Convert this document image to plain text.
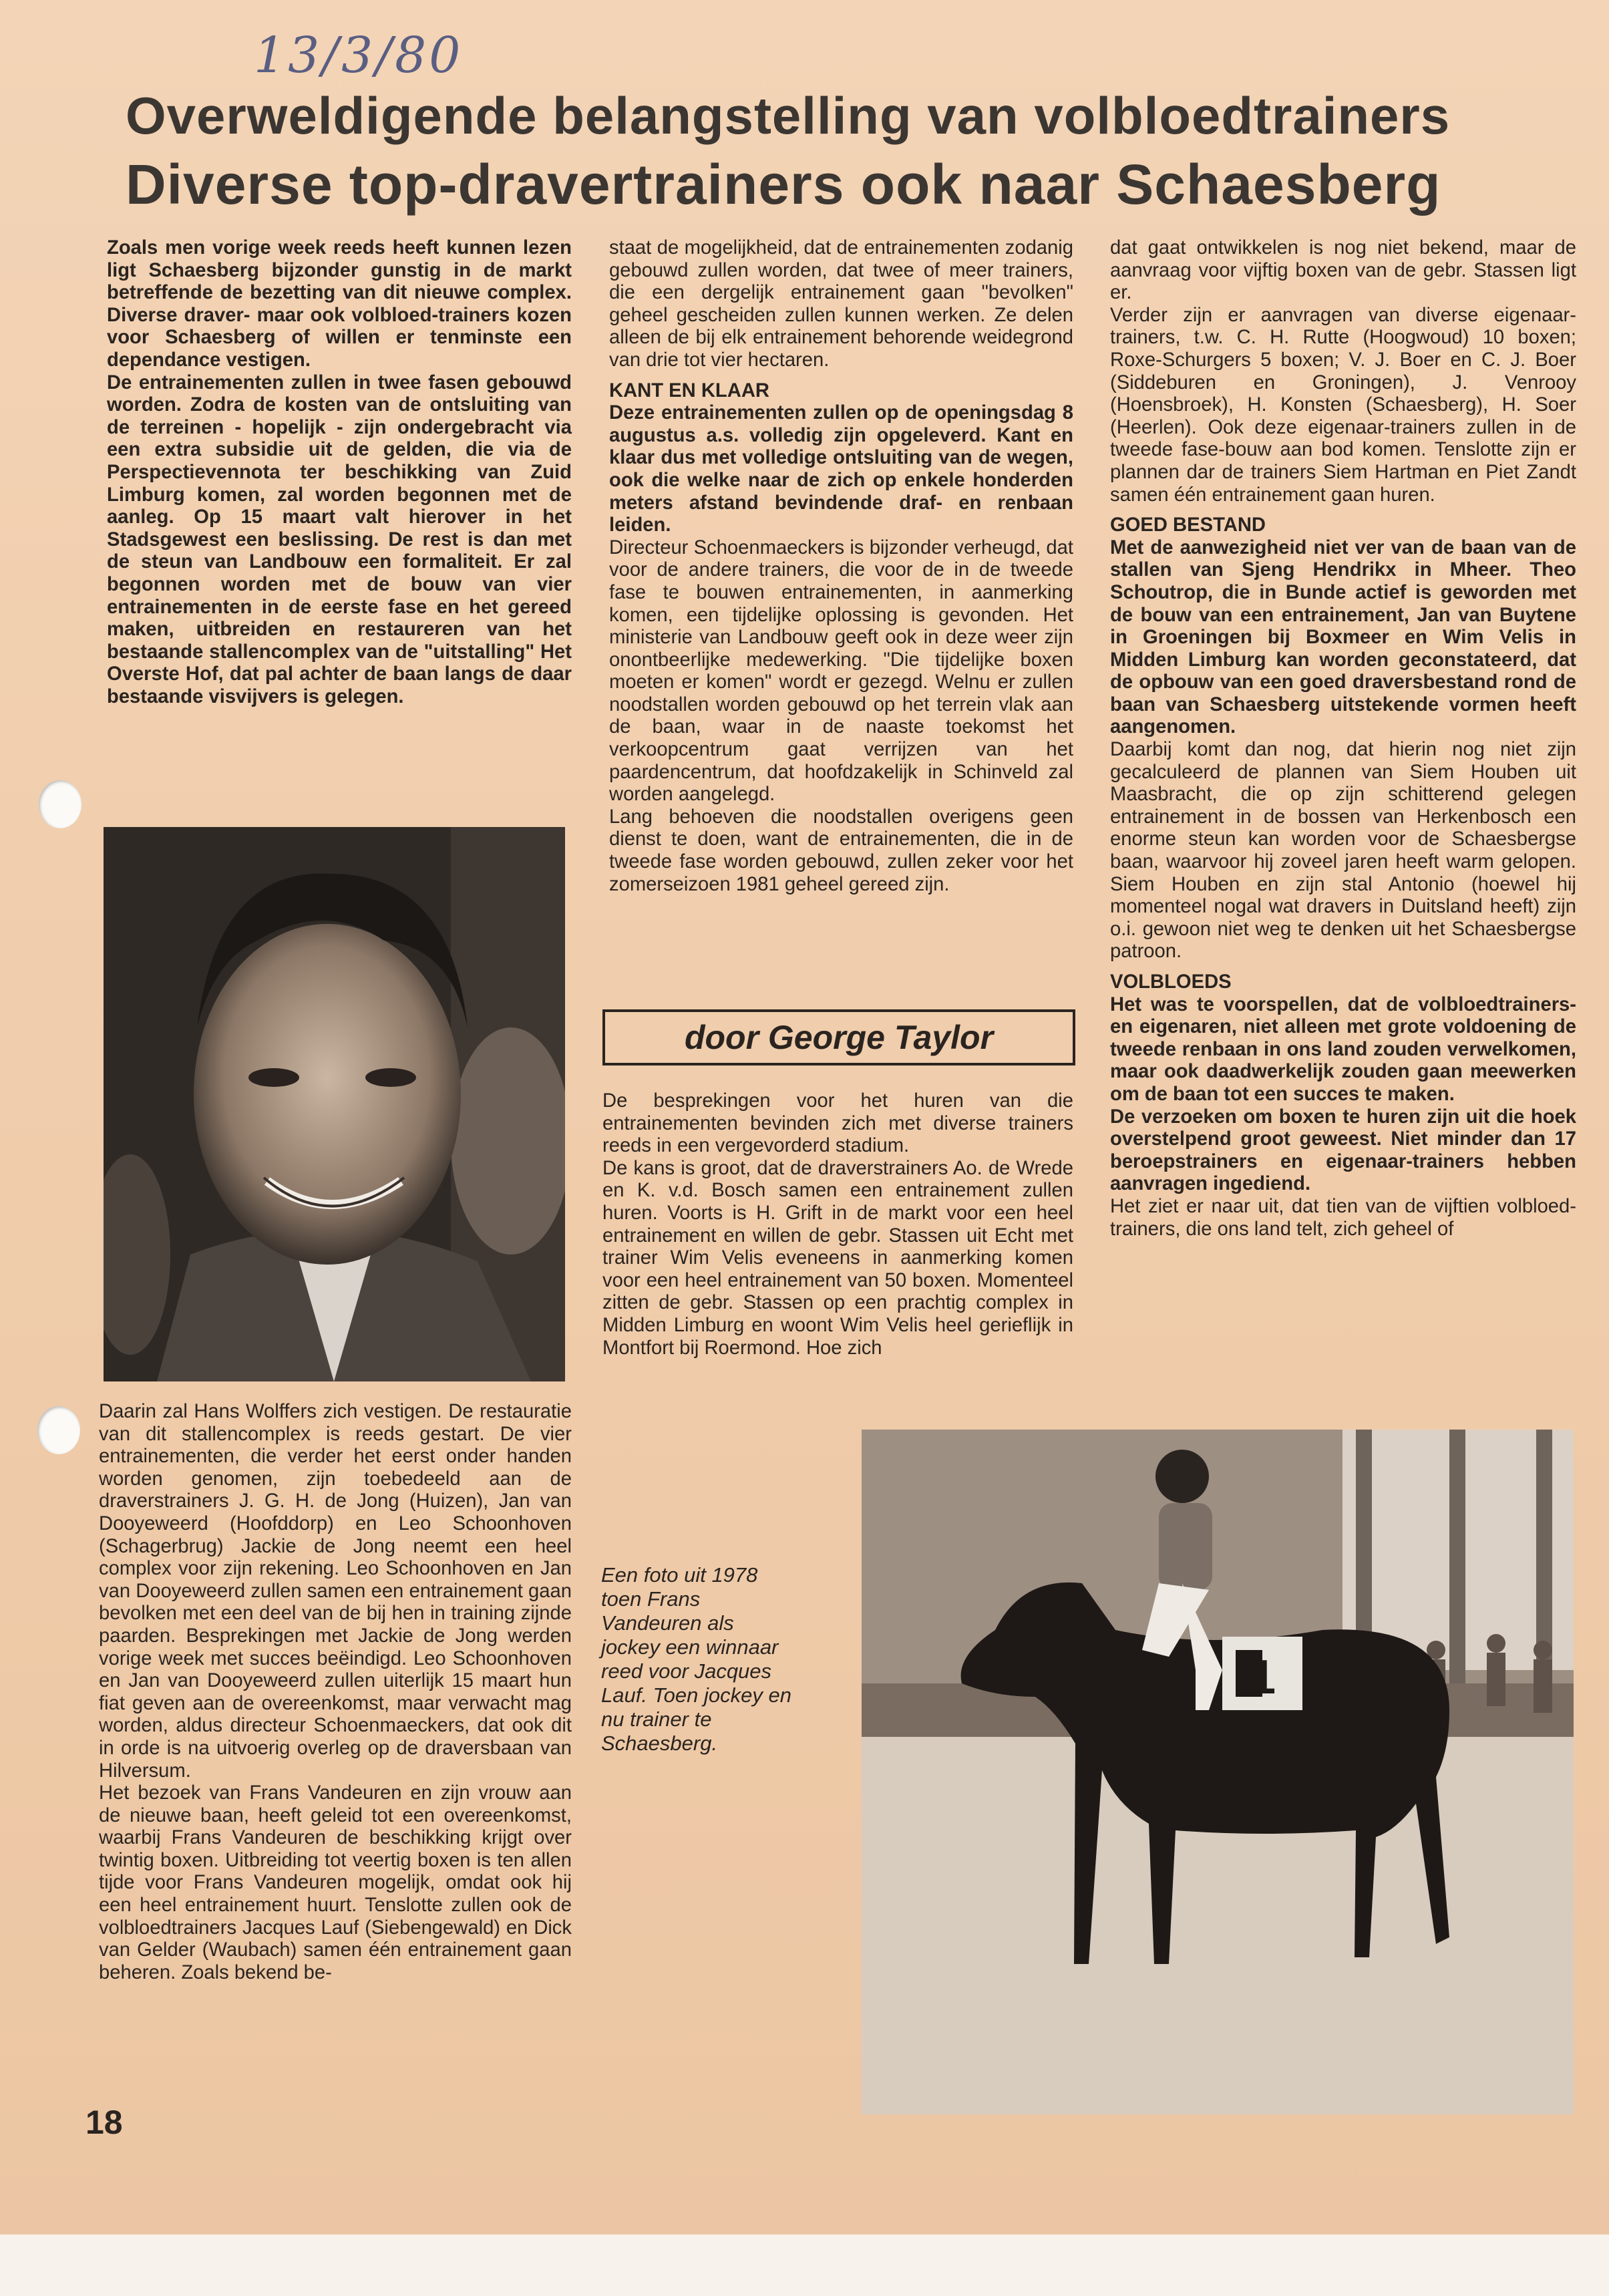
13/3/80
Overweldigende belangstelling van volbloedtrainers
Diverse top-dravertrainers ook naar Schaesberg

Zoals men vorige week reeds heeft kunnen lezen ligt Schaesberg bijzonder gunstig in de markt betreffende de bezetting van dit nieuwe complex. Diverse draver- maar ook volbloed-trainers kozen voor Schaesberg of willen er tenminste een dependance vestigen.

De entrainementen zullen in twee fasen gebouwd worden. Zodra de kosten van de ontsluiting van de terreinen - hopelijk - zijn ondergebracht via een extra subsidie uit de gelden, die via de Perspectievennota ter beschikking van Zuid Limburg komen, zal worden begonnen met de aanleg. Op 15 maart valt hierover in het Stadsgewest een beslissing. De rest is dan met de steun van Landbouw een formaliteit. Er zal begonnen worden met de bouw van vier entrainementen in de eerste fase en het gereed maken, uitbreiden en restaureren van het bestaande stallencomplex van de "uitstalling" Het Overste Hof, dat pal achter de baan langs de daar bestaande visvijvers is gelegen.

Daarin zal Hans Wolffers zich vestigen. De restauratie van dit stallencomplex is reeds gestart. De vier entrainementen, die verder het eerst onder handen worden genomen, zijn toebedeeld aan de draverstrainers J. G. H. de Jong (Huizen), Jan van Dooyeweerd (Hoofddorp) en Leo Schoonhoven (Schagerbrug) Jackie de Jong neemt een heel complex voor zijn rekening. Leo Schoonhoven en Jan van Dooyeweerd zullen samen een entrainement gaan bevolken met een deel van de bij hen in training zijnde paarden. Besprekingen met Jackie de Jong werden vorige week met succes beëindigd. Leo Schoonhoven en Jan van Dooyeweerd zullen uiterlijk 15 maart hun fiat geven aan de overeenkomst, maar verwacht mag worden, aldus directeur Schoenmaeckers, dat ook dit in orde is na uitvoerig overleg op de draversbaan van Hilversum.

Het bezoek van Frans Vandeuren en zijn vrouw aan de nieuwe baan, heeft geleid tot een overeenkomst, waarbij Frans Vandeuren de beschikking krijgt over twintig boxen. Uitbreiding tot veertig boxen is ten allen tijde voor Frans Vandeuren mogelijk, omdat ook hij een heel entrainement huurt. Tenslotte zullen ook de volbloedtrainers Jacques Lauf (Siebengewald) en Dick van Gelder (Waubach) samen één entrainement gaan beheren. Zoals bekend be-

staat de mogelijkheid, dat de entrainementen zodanig gebouwd zullen worden, dat twee of meer trainers, die een dergelijk entrainement gaan "bevolken" geheel gescheiden zullen kunnen werken. Ze delen alleen de bij elk entrainement behorende weidegrond van drie tot vier hectaren.

KANT EN KLAAR

Deze entrainementen zullen op de openingsdag 8 augustus a.s. volledig zijn opgeleverd. Kant en klaar dus met volledige ontsluiting van de wegen, ook die welke naar de zich op enkele honderden meters afstand bevindende draf- en renbaan leiden.

Directeur Schoenmaeckers is bijzonder verheugd, dat voor de andere trainers, die voor de in de tweede fase te bouwen entrainementen, in aanmerking komen, een tijdelijke oplossing is gevonden. Het ministerie van Landbouw geeft ook in deze weer zijn onontbeerlijke medewerking. "Die tijdelijke boxen moeten er komen" wordt er gezegd. Welnu er zullen noodstallen worden gebouwd op het terrein vlak aan de baan, waar in de naaste toekomst het verkoopcentrum gaat verrijzen van het paardencentrum, dat hoofdzakelijk in Schinveld zal worden aangelegd.

Lang behoeven die noodstallen overigens geen dienst te doen, want de entrainementen, die in de tweede fase worden gebouwd, zullen zeker voor het zomerseizoen 1981 geheel gereed zijn.

door George Taylor

De besprekingen voor het huren van die entrainementen bevinden zich met diverse trainers reeds in een vergevorderd stadium.

De kans is groot, dat de draverstrainers Ao. de Wrede en K. v.d. Bosch samen een entrainement zullen huren. Voorts is H. Grift in de markt voor een heel entrainement en willen de gebr. Stassen uit Echt met trainer Wim Velis eveneens in aanmerking komen voor een heel entrainement van 50 boxen. Momenteel zitten de gebr. Stassen op een prachtig complex in Midden Limburg en woont Wim Velis heel gerieflijk in Montfort bij Roermond. Hoe zich

dat gaat ontwikkelen is nog niet bekend, maar de aanvraag voor vijftig boxen van de gebr. Stassen ligt er.

Verder zijn er aanvragen van diverse eigenaar-trainers, t.w. C. H. Rutte (Hoogwoud) 10 boxen; Roxe-Schurgers 5 boxen; V. J. Boer en C. J. Boer (Siddeburen en Groningen), J. Venrooy (Hoensbroek), H. Konsten (Schaesberg), H. Soer (Heerlen). Ook deze eigenaar-trainers zullen in de tweede fase-bouw aan bod komen. Tenslotte zijn er plannen dar de trainers Siem Hartman en Piet Zandt samen één entrainement gaan huren.

GOED BESTAND

Met de aanwezigheid niet ver van de baan van de stallen van Sjeng Hendrikx in Mheer. Theo Schoutrop, die in Bunde actief is geworden met de bouw van een entrainement, Jan van Buytene in Groeningen bij Boxmeer en Wim Velis in Midden Limburg kan worden geconstateerd, dat de opbouw van een goed draversbestand rond de baan van Schaesberg uitstekende vormen heeft aangenomen.

Daarbij komt dan nog, dat hierin nog niet zijn gecalculeerd de plannen van Siem Houben uit Maasbracht, die op zijn schitterend gelegen entrainement in de bossen van Herkenbosch een enorme steun kan worden voor de Schaesbergse baan, waarvoor hij zoveel jaren heeft warm gelopen. Siem Houben en zijn stal Antonio (hoewel hij momenteel nogal wat dravers in Duitsland heeft) zijn o.i. gewoon niet weg te denken uit het Schaesbergse patroon.

VOLBLOEDS

Het was te voorspellen, dat de volbloedtrainers- en eigenaren, niet alleen met grote voldoening de tweede renbaan in ons land zouden verwelkomen, maar ook daadwerkelijk zouden gaan meewerken om de baan tot een succes te maken.

De verzoeken om boxen te huren zijn uit die hoek overstelpend groot geweest. Niet minder dan 17 beroepstrainers en eigenaar-trainers hebben aanvragen ingediend.

Het ziet er naar uit, dat tien van de vijftien volbloed-trainers, die ons land telt, zich geheel of

Een foto uit 1978 toen Frans Vandeuren als jockey een winnaar reed voor Jacques Lauf. Toen jockey en nu trainer te Schaesberg.
1
18
